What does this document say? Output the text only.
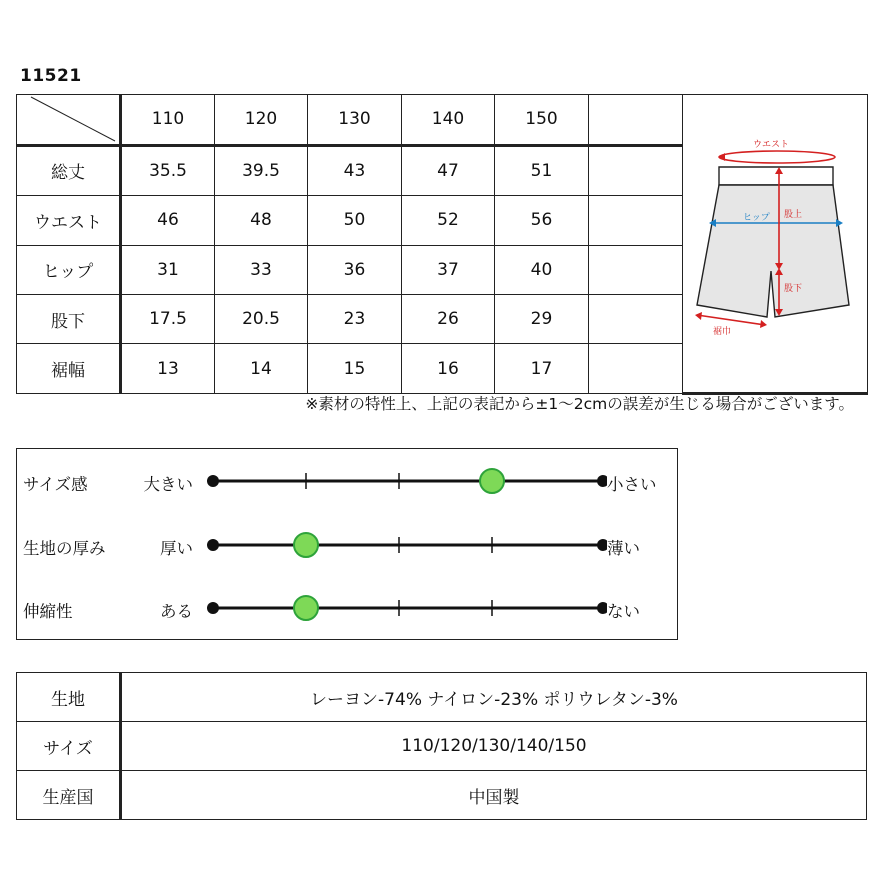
11521
	110	120	130	140	150		ウエスト
ヒップ 股上
股下
裾巾

総丈	35.5	39.5	43	47	51		
ウエスト	46	48	50	52	56		
ヒップ	31	33	36	37	40		
股下	17.5	20.5	23	26	29		
裾幅	13	14	15	16	17		
※素材の特性上、上記の表記から±1〜2cmの誤差が生じる場合がございます。
サイズ感	大きい	小さい
生地の厚み	厚い	薄い
伸縮性	ある	ない
生地	レーヨン-74% ナイロン-23% ポリウレタン-3%
サイズ	110/120/130/140/150
生産国	中国製
